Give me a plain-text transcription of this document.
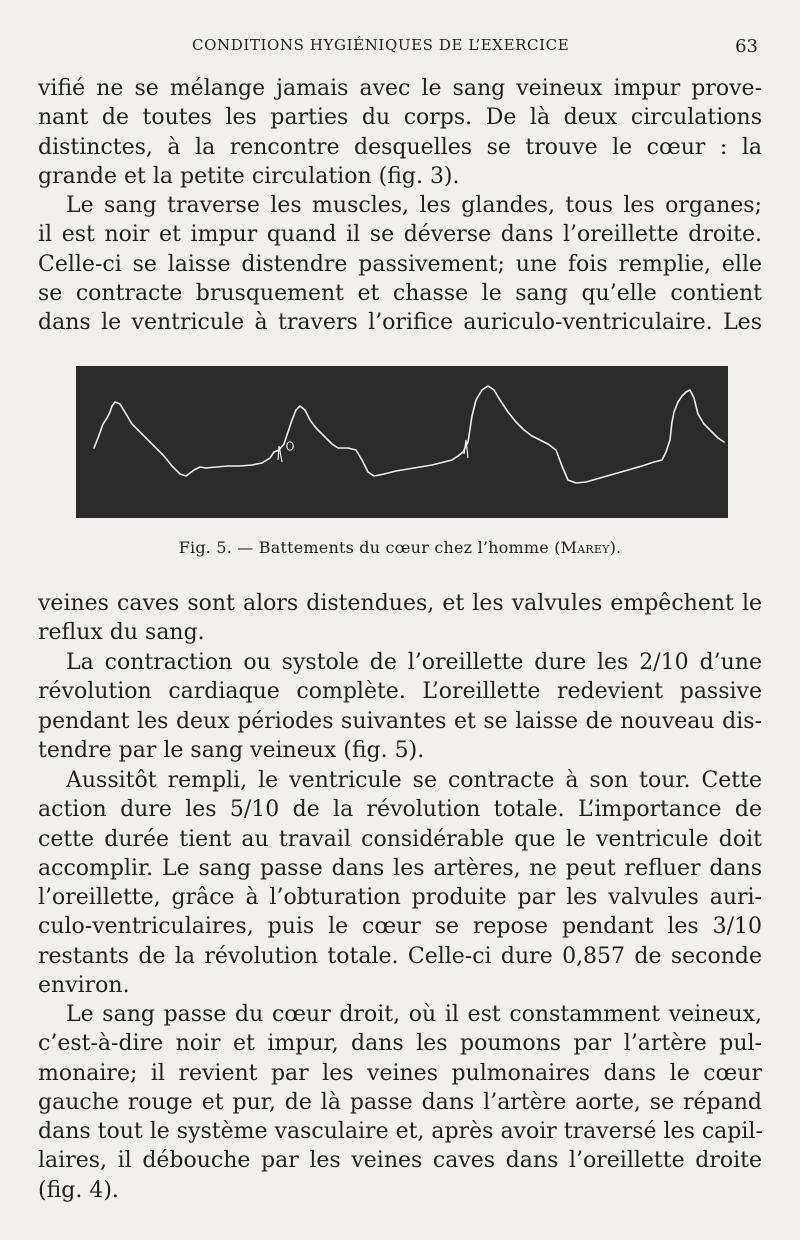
CONDITIONS HYGIÉNIQUES DE L’EXERCICE	63

vifié ne se mélange jamais avec le sang veineux impur prove-
nant de toutes les parties du corps. De là deux circulations
distinctes, à la rencontre desquelles se trouve le cœur : la
grande et la petite circulation (fig. 3).

Le sang traverse les muscles, les glandes, tous les organes;
il est noir et impur quand il se déverse dans l’oreillette droite.
Celle-ci se laisse distendre passivement; une fois remplie, elle
se contracte brusquement et chasse le sang qu’elle contient
dans le ventricule à travers l’orifice auriculo-ventriculaire. Les

Fig. 5. — Battements du cœur chez l’homme (Marey).

veines caves sont alors distendues, et les valvules empêchent le
reflux du sang.

La contraction ou systole de l’oreillette dure les 2/10 d’une
révolution cardiaque complète. L’oreillette redevient passive
pendant les deux périodes suivantes et se laisse de nouveau dis-
tendre par le sang veineux (fig. 5).

Aussitôt rempli, le ventricule se contracte à son tour. Cette
action dure les 5/10 de la révolution totale. L’importance de
cette durée tient au travail considérable que le ventricule doit
accomplir. Le sang passe dans les artères, ne peut refluer dans
l’oreillette, grâce à l’obturation produite par les valvules auri-
culo-ventriculaires, puis le cœur se repose pendant les 3/10
restants de la révolution totale. Celle-ci dure 0,857 de seconde
environ.

Le sang passe du cœur droit, où il est constamment veineux,
c’est-à-dire noir et impur, dans les poumons par l’artère pul-
monaire; il revient par les veines pulmonaires dans le cœur
gauche rouge et pur, de là passe dans l’artère aorte, se répand
dans tout le système vasculaire et, après avoir traversé les capil-
laires, il débouche par les veines caves dans l’oreillette droite
(fig. 4).
